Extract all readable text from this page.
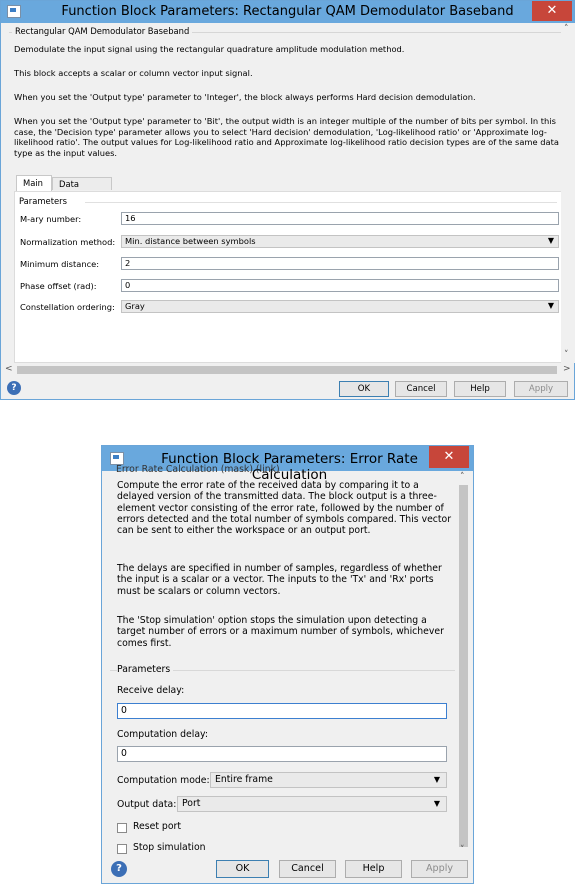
Function Block Parameters: Rectangular QAM Demodulator Baseband	✕
Rectangular QAM Demodulator Baseband
Demodulate the input signal using the rectangular quadrature amplitude modulation method.
This block accepts a scalar or column vector input signal.
When you set the 'Output type' parameter to 'Integer', the block always performs Hard decision demodulation.
When you set the 'Output type' parameter to 'Bit', the output width is an integer multiple of the number of bits per symbol. In this case, the 'Decision type' parameter allows you to select 'Hard decision' demodulation, 'Log-likelihood ratio' or 'Approximate log-likelihood ratio'. The output values for Log-likelihood ratio and Approximate log-likelihood ratio decision types are of the same data type as the input values.
Main	Data
Parameters
M-ary number:	16
Normalization method:	Min. distance between symbols	▼
Minimum distance:	2
Phase offset (rad):	0
Constellation ordering:	Gray	▼
˄
˅
<	>
?	OK	Cancel	Help	Apply
Function Block Parameters: Error Rate Calculation
✕
Error Rate Calculation (mask) (link)
Compute the error rate of the received data by comparing it to a delayed version of the transmitted data. The block output is a three-element vector consisting of the error rate, followed by the number of errors detected and the total number of symbols compared. This vector can be sent to either the workspace or an output port.
The delays are specified in number of samples, regardless of whether the input is a scalar or a vector. The inputs to the 'Tx' and 'Rx' ports must be scalars or column vectors.
The 'Stop simulation' option stops the simulation upon detecting a target number of errors or a maximum number of symbols, whichever comes first.
Parameters
Receive delay:
0
Computation delay:
0
Computation mode: Entire frame	▼
Output data: Port	▼
Reset port
Stop simulation
˄
˅
?	OK	Cancel	Help	Apply
